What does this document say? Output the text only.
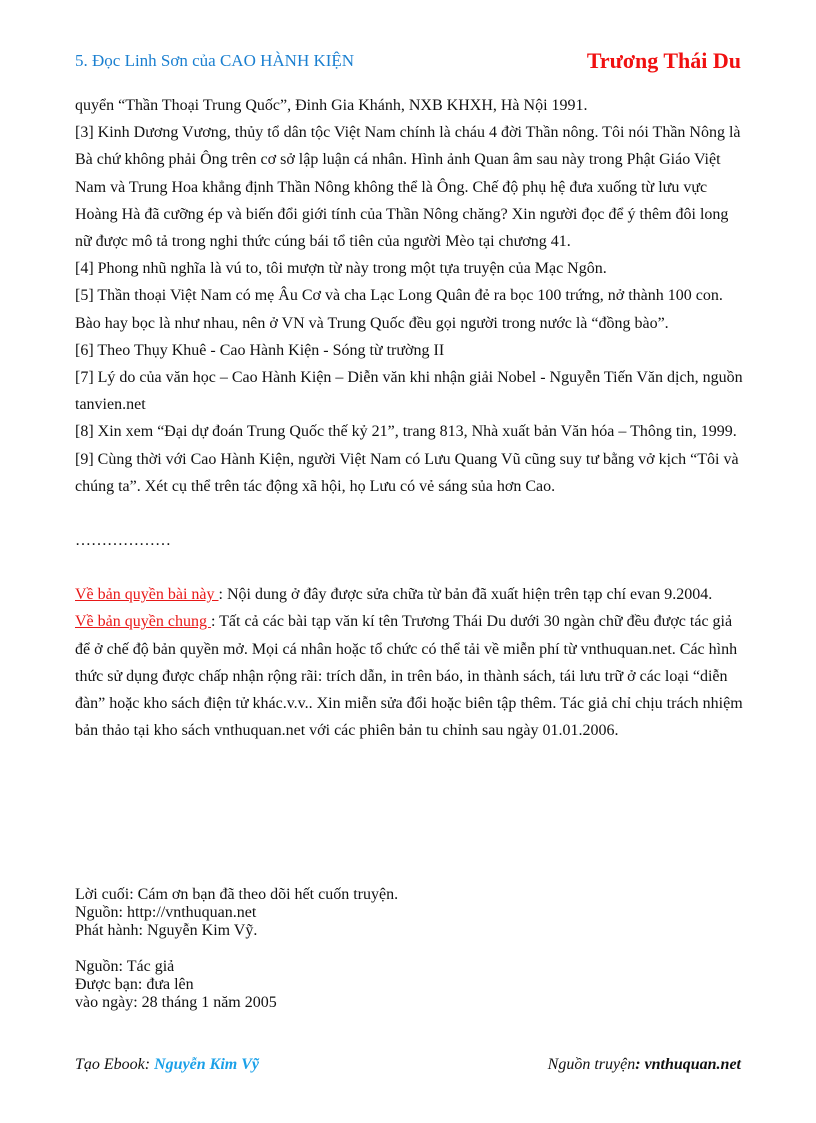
5. Đọc Linh Sơn của CAO HÀNH KIỆN	Trương Thái Du

quyển “Thần Thoại Trung Quốc”, Đinh Gia Khánh, NXB KHXH, Hà Nội 1991.

[3] Kinh Dương Vương, thủy tổ dân tộc Việt Nam chính là cháu 4 đời Thần nông. Tôi nói Thần Nông là Bà chứ không phải Ông trên cơ sở lập luận cá nhân. Hình ảnh Quan âm sau này trong Phật Giáo Việt Nam và Trung Hoa khẳng định Thần Nông không thể là Ông. Chế độ phụ hệ đưa xuống từ lưu vực Hoàng Hà đã cưỡng ép và biến đổi giới tính của Thần Nông chăng? Xin người đọc để ý thêm đôi long nữ được mô tả trong nghi thức cúng bái tổ tiên của người Mèo tại chương 41.

[4] Phong nhũ nghĩa là vú to, tôi mượn từ này trong một tựa truyện của Mạc Ngôn.

[5] Thần thoại Việt Nam có mẹ Âu Cơ và cha Lạc Long Quân đẻ ra bọc 100 trứng, nở thành 100 con. Bào hay bọc là như nhau, nên ở VN và Trung Quốc đều gọi người trong nước là “đồng bào”.

[6] Theo Thụy Khuê - Cao Hành Kiện - Sóng từ trường II

[7] Lý do của văn học – Cao Hành Kiện – Diễn văn khi nhận giải Nobel - Nguyễn Tiến Văn dịch, nguồn tanvien.net

[8] Xin xem “Đại dự đoán Trung Quốc thế kỷ 21”, trang 813, Nhà xuất bản Văn hóa – Thông tin, 1999.

[9] Cùng thời với Cao Hành Kiện, người Việt Nam có Lưu Quang Vũ cũng suy tư bằng vở kịch “Tôi và chúng ta”. Xét cụ thể trên tác động xã hội, họ Lưu có vẻ sáng sủa hơn Cao.

………………

Về bản quyền bài này : Nội dung ở đây được sửa chữa từ bản đã xuất hiện trên tạp chí evan 9.2004.

Về bản quyền chung : Tất cả các bài tạp văn kí tên Trương Thái Du dưới 30 ngàn chữ đều được tác giả để ở chế độ bản quyền mở. Mọi cá nhân hoặc tổ chức có thể tải về miễn phí từ vnthuquan.net. Các hình thức sử dụng được chấp nhận rộng rãi: trích dẫn, in trên báo, in thành sách, tái lưu trữ ở các loại “diễn đàn” hoặc kho sách điện tử khác.v.v.. Xin miễn sửa đổi hoặc biên tập thêm. Tác giả chỉ chịu trách nhiệm bản thảo tại kho sách vnthuquan.net với các phiên bản tu chỉnh sau ngày 01.01.2006.

Lời cuối: Cám ơn bạn đã theo dõi hết cuốn truyện.

Nguồn: http://vnthuquan.net

Phát hành: Nguyễn Kim Vỹ.

Nguồn: Tác giả

Được bạn: đưa lên

vào ngày: 28 tháng 1 năm 2005

Tạo Ebook: Nguyễn Kim Vỹ	Nguồn truyện: vnthuquan.net
